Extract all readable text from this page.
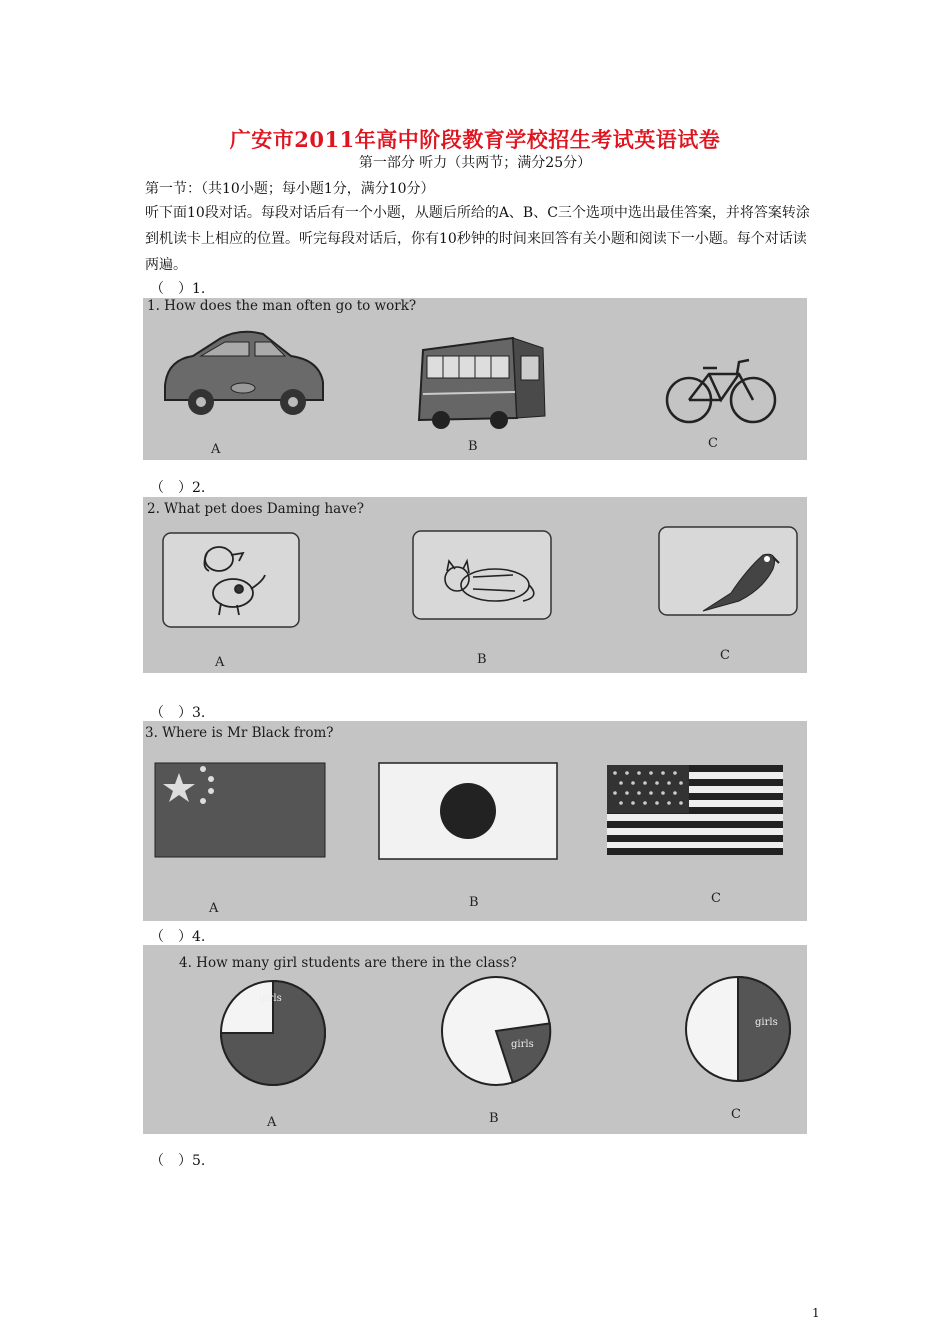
广安市2011年高中阶段教育学校招生考试英语试卷
第一部分 听力（共两节；满分25分）
第一节：（共10小题；每小题1分，满分10分）
听下面10段对话。每段对话后有一个小题，从题后所给的A、B、C三个选项中选出最佳答案，并将答案转涂到机读卡上相应的位置。听完每段对话后，你有10秒钟的时间来回答有关小题和阅读下一小题。每个对话读两遍。
（　）1.
1. How does the man often go to work?
A	B	C
（　）2.
2. What pet does Daming have?
A	B	C
（　）3.
3. Where is Mr Black from?
A	B	C
（　）4.
4. How many girl students are there in the class?
girls
girls
girls
A	B	C
（　）5.
1
